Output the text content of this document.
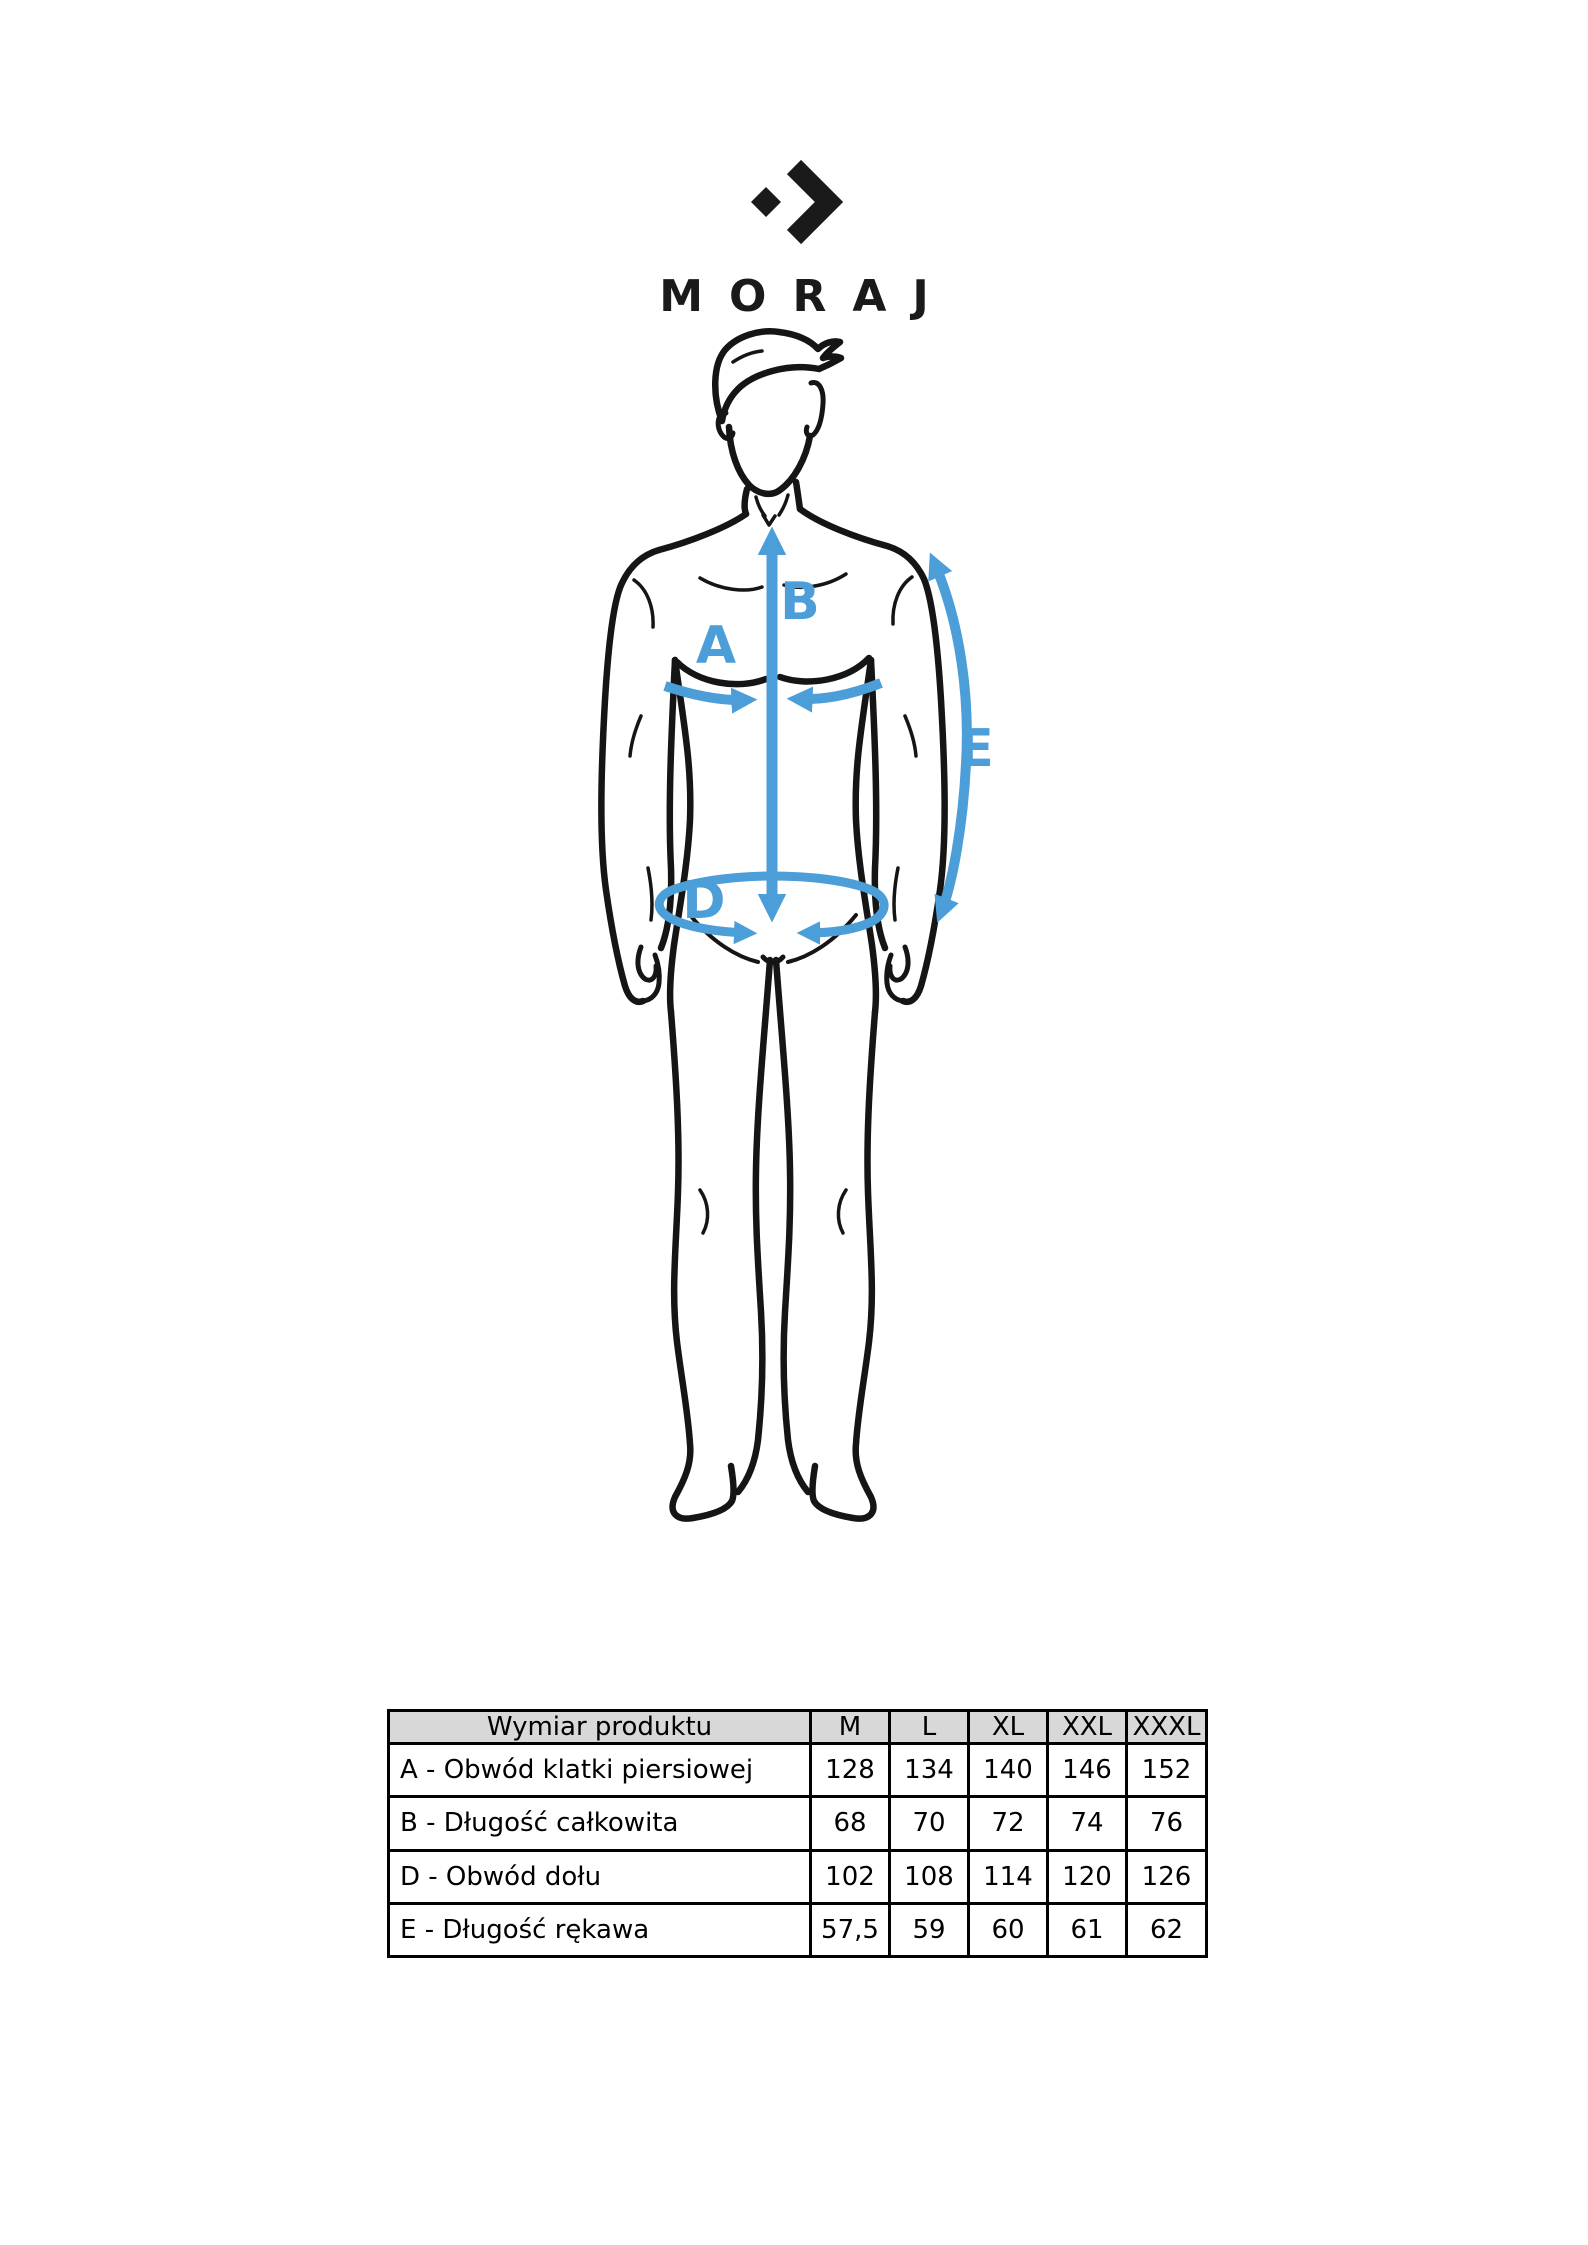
MORAJ
A
B
D
E
Wymiar produktu	M	L	XL	XXL	XXXL
A - Obwód klatki piersiowej	128	134	140	146	152
B - Długość całkowita	68	70	72	74	76
D - Obwód dołu	102	108	114	120	126
E - Długość rękawa	57,5	59	60	61	62
